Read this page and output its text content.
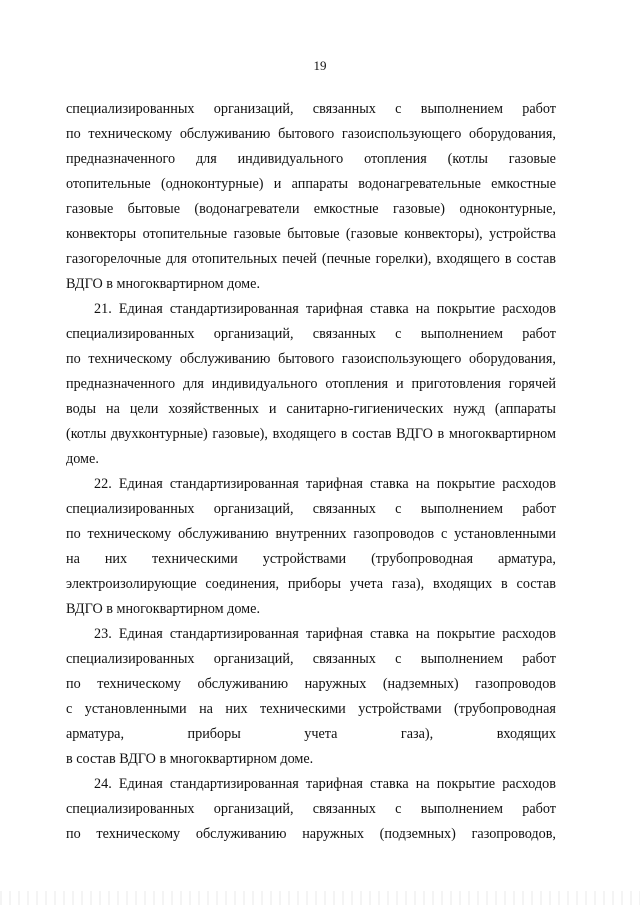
19
специализированных организаций, связанных с выполнением работ
по техническому обслуживанию бытового газоиспользующего оборудования,
предназначенного для индивидуального отопления (котлы газовые
отопительные (одноконтурные) и аппараты водонагревательные емкостные
газовые бытовые (водонагреватели емкостные газовые) одноконтурные,
конвекторы отопительные газовые бытовые (газовые конвекторы), устройства
газогорелочные для отопительных печей (печные горелки), входящего в состав
ВДГО в многоквартирном доме.
21. Единая стандартизированная тарифная ставка на покрытие расходов
специализированных организаций, связанных с выполнением работ
по техническому обслуживанию бытового газоиспользующего оборудования,
предназначенного для индивидуального отопления и приготовления горячей
воды на цели хозяйственных и санитарно-гигиенических нужд (аппараты
(котлы двухконтурные) газовые), входящего в состав ВДГО в многоквартирном
доме.
22. Единая стандартизированная тарифная ставка на покрытие расходов
специализированных организаций, связанных с выполнением работ
по техническому обслуживанию внутренних газопроводов с установленными
на них техническими устройствами (трубопроводная арматура,
электроизолирующие соединения, приборы учета газа), входящих в состав
ВДГО в многоквартирном доме.
23. Единая стандартизированная тарифная ставка на покрытие расходов
специализированных организаций, связанных с выполнением работ
по техническому обслуживанию наружных (надземных) газопроводов
с установленными на них техническими устройствами (трубопроводная
арматура,	приборы	учета	газа),	входящих
в состав ВДГО в многоквартирном доме.
24. Единая стандартизированная тарифная ставка на покрытие расходов
специализированных организаций, связанных с выполнением работ
по техническому обслуживанию наружных (подземных) газопроводов,
